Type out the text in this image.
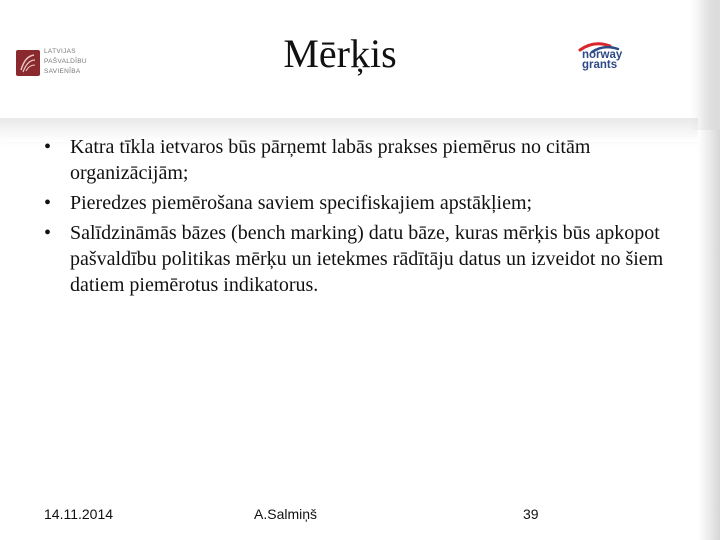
LATVIJAS
PAŠVALDĪBU
SAVIENĪBA	Mērķis	norway
grants
• Katra tīkla ietvaros būs pārņemt labās prakses piemērus no citām organizācijām;
• Pieredzes piemērošana saviem specifiskajiem apstākļiem;
• Salīdzināmās bāzes (bench marking) datu bāze, kuras mērķis būs apkopot pašvaldību politikas mērķu un ietekmes rādītāju datus un izveidot no šiem datiem piemērotus indikatorus.
14.11.2014	A.Salmiņš	39
